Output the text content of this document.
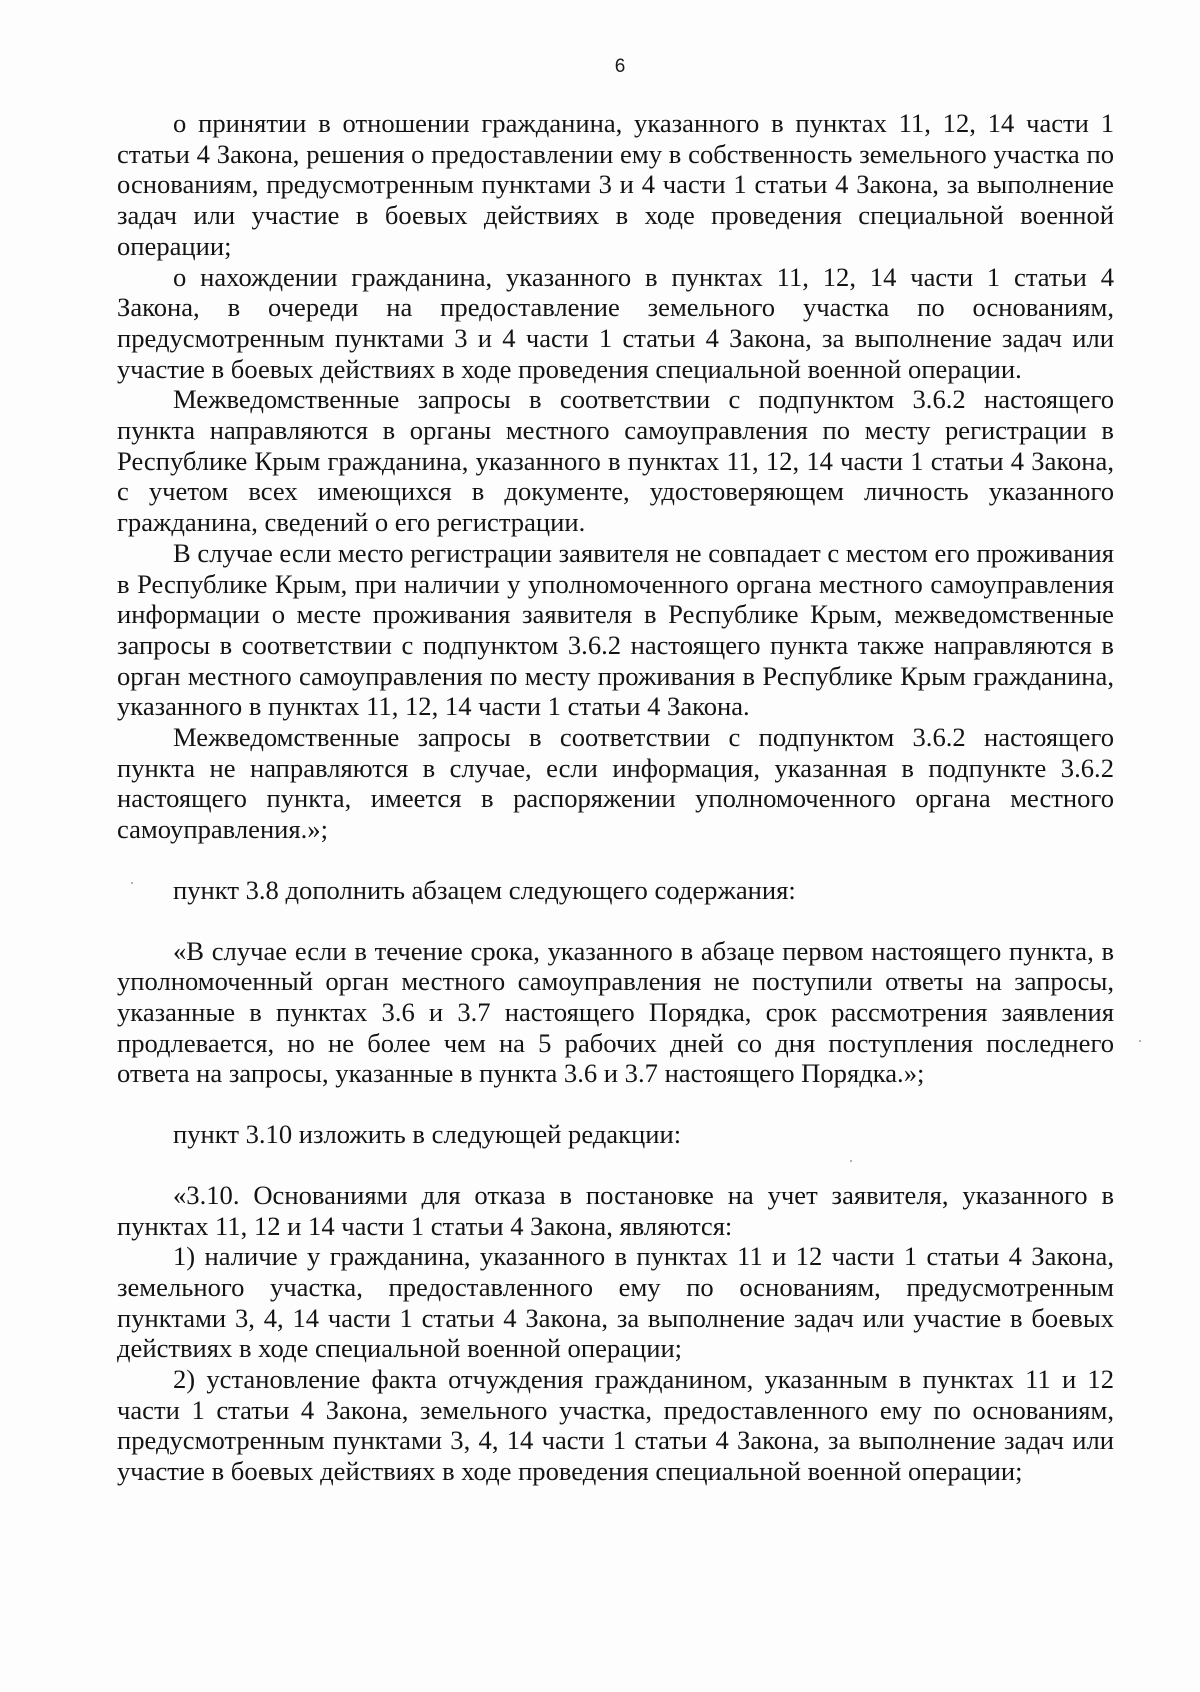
6

о принятии в отношении гражданина, указанного в пунктах 11, 12, 14 части 1 статьи 4 Закона, решения о предоставлении ему в собственность земельного участка по основаниям, предусмотренным пунктами 3 и 4 части 1 статьи 4 Закона, за выполнение задач или участие в боевых действиях в ходе проведения специальной военной операции;

о нахождении гражданина, указанного в пунктах 11, 12, 14 части 1 статьи 4 Закона, в очереди на предоставление земельного участка по основаниям, предусмотренным пунктами 3 и 4 части 1 статьи 4 Закона, за выполнение задач или участие в боевых действиях в ходе проведения специальной военной операции.

Межведомственные запросы в соответствии с подпунктом 3.6.2 настоящего пункта направляются в органы местного самоуправления по месту регистрации в Республике Крым гражданина, указанного в пунктах 11, 12, 14 части 1 статьи 4 Закона, с учетом всех имеющихся в документе, удостоверяющем личность указанного гражданина, сведений о его регистрации.

В случае если место регистрации заявителя не совпадает с местом его проживания в Республике Крым, при наличии у уполномоченного органа местного самоуправления информации о месте проживания заявителя в Республике Крым, межведомственные запросы в соответствии с подпунктом 3.6.2 настоящего пункта также направляются в орган местного самоуправления по месту проживания в Республике Крым гражданина, указанного в пунктах 11, 12, 14 части 1 статьи 4 Закона.

Межведомственные запросы в соответствии с подпунктом 3.6.2 настоящего пункта не направляются в случае, если информация, указанная в подпункте 3.6.2 настоящего пункта, имеется в распоряжении уполномоченного органа местного самоуправления.»;

пункт 3.8 дополнить абзацем следующего содержания:

«В случае если в течение срока, указанного в абзаце первом настоящего пункта, в уполномоченный орган местного самоуправления не поступили ответы на запросы, указанные в пунктах 3.6 и 3.7 настоящего Порядка, срок рассмотрения заявления продлевается, но не более чем на 5 рабочих дней со дня поступления последнего ответа на запросы, указанные в пункта 3.6 и 3.7 настоящего Порядка.»;

пункт 3.10 изложить в следующей редакции:

«3.10. Основаниями для отказа в постановке на учет заявителя, указанного в пунктах 11, 12 и 14 части 1 статьи 4 Закона, являются:

1) наличие у гражданина, указанного в пунктах 11 и 12 части 1 статьи 4 Закона, земельного участка, предоставленного ему по основаниям, предусмотренным пунктами 3, 4, 14 части 1 статьи 4 Закона, за выполнение задач или участие в боевых действиях в ходе специальной военной операции;

2) установление факта отчуждения гражданином, указанным в пунктах 11 и 12 части 1 статьи 4 Закона, земельного участка, предоставленного ему по основаниям, предусмотренным пунктами 3, 4, 14 части 1 статьи 4 Закона, за выполнение задач или участие в боевых действиях в ходе проведения специальной военной операции;
